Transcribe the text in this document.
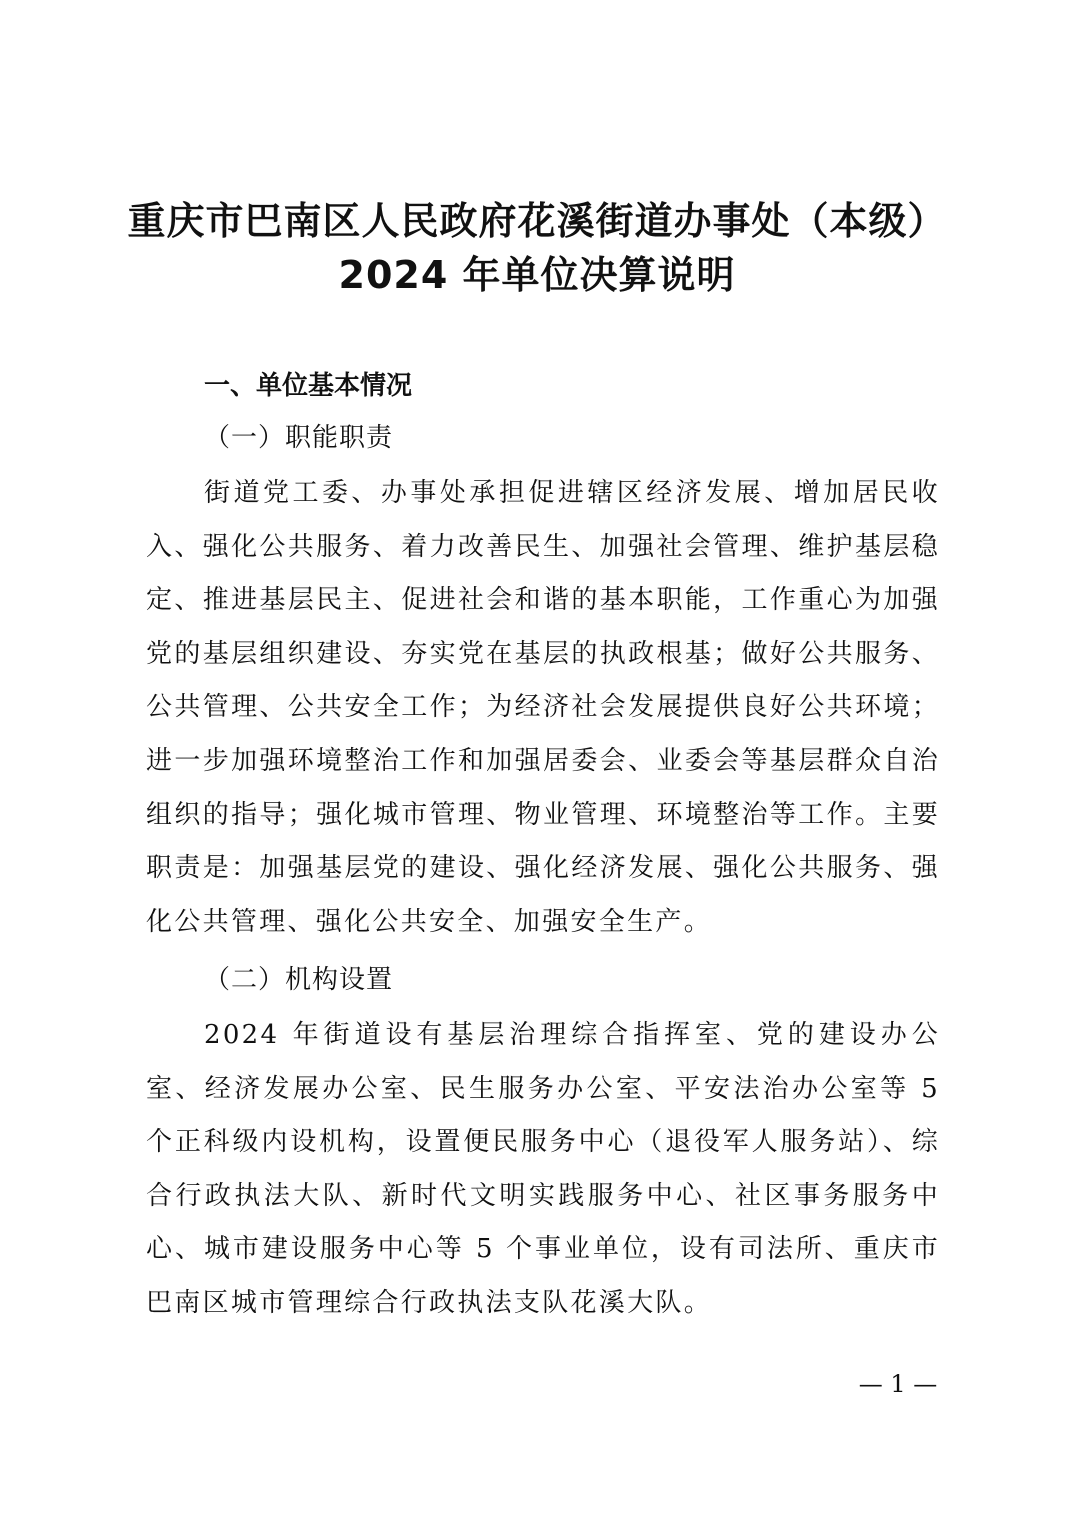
重庆市巴南区人民政府花溪街道办事处（本级）
2024 年单位决算说明
一、单位基本情况
（一）职能职责

街道党工委、办事处承担促进辖区经济发展、增加居民收入、强化公共服务、着力改善民生、加强社会管理、维护基层稳定、推进基层民主、促进社会和谐的基本职能，工作重心为加强党的基层组织建设、夯实党在基层的执政根基；做好公共服务、公共管理、公共安全工作；为经济社会发展提供良好公共环境；进一步加强环境整治工作和加强居委会、业委会等基层群众自治组织的指导；强化城市管理、物业管理、环境整治等工作。主要职责是：加强基层党的建设、强化经济发展、强化公共服务、强化公共管理、强化公共安全、加强安全生产。

（二）机构设置

2024 年街道设有基层治理综合指挥室、党的建设办公室、经济发展办公室、民生服务办公室、平安法治办公室等 5 个正科级内设机构，设置便民服务中心（退役军人服务站）、综合行政执法大队、新时代文明实践服务中心、社区事务服务中心、城市建设服务中心等 5 个事业单位，设有司法所、重庆市巴南区城市管理综合行政执法支队花溪大队。

— 1 —
